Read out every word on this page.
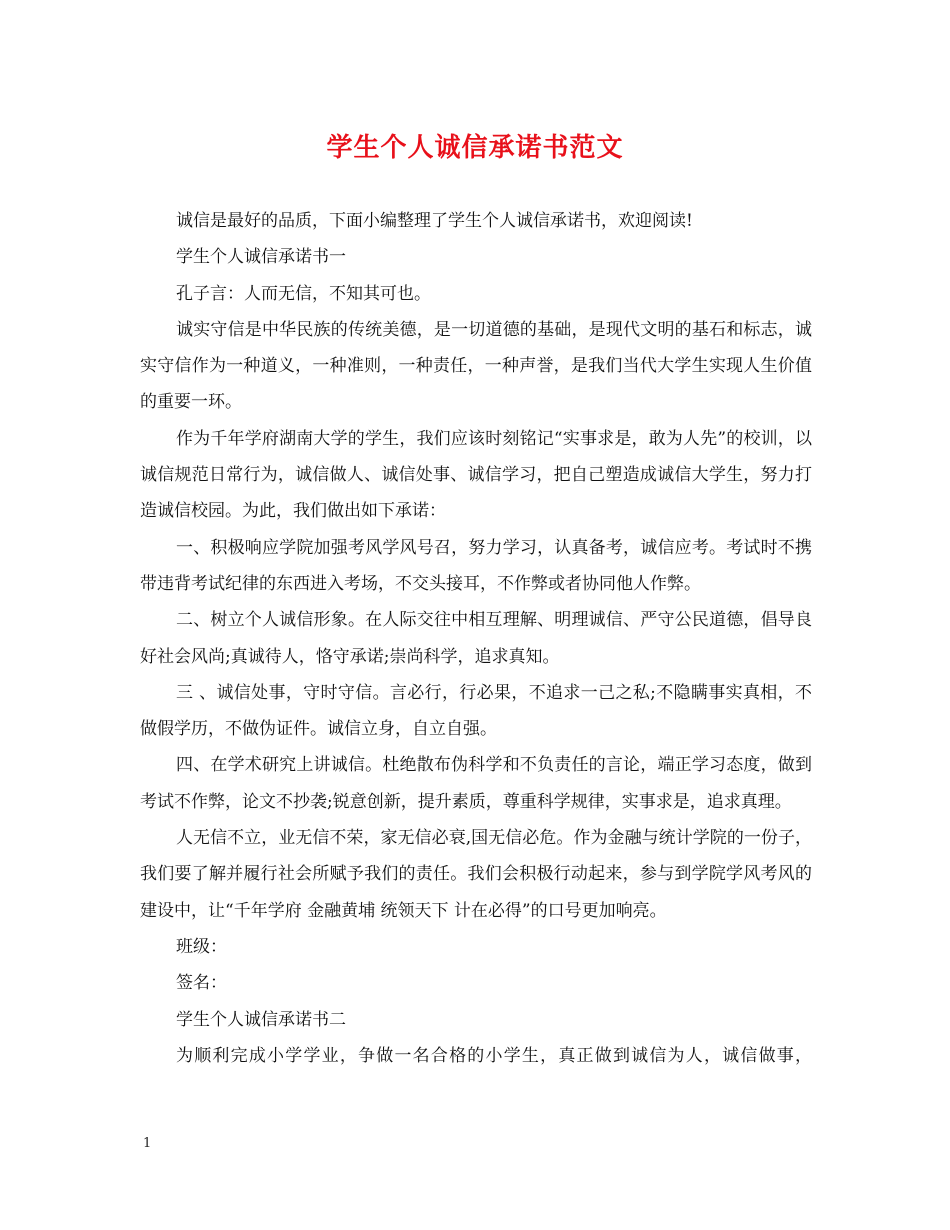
学生个人诚信承诺书范文

诚信是最好的品质，下面小编整理了学生个人诚信承诺书，欢迎阅读!

学生个人诚信承诺书一

孔子言：人而无信，不知其可也。

诚实守信是中华民族的传统美德，是一切道德的基础，是现代文明的基石和标志，诚实守信作为一种道义，一种准则，一种责任，一种声誉，是我们当代大学生实现人生价值的重要一环。

作为千年学府湖南大学的学生，我们应该时刻铭记“实事求是，敢为人先”的校训，以诚信规范日常行为，诚信做人、诚信处事、诚信学习，把自己塑造成诚信大学生，努力打造诚信校园。为此，我们做出如下承诺：

一、积极响应学院加强考风学风号召，努力学习，认真备考，诚信应考。考试时不携带违背考试纪律的东西进入考场，不交头接耳，不作弊或者协同他人作弊。

二、树立个人诚信形象。在人际交往中相互理解、明理诚信、严守公民道德，倡导良好社会风尚;真诚待人，恪守承诺;崇尚科学，追求真知。

三 、诚信处事，守时守信。言必行，行必果，不追求一己之私;不隐瞒事实真相，不做假学历，不做伪证件。诚信立身，自立自强。

四、在学术研究上讲诚信。杜绝散布伪科学和不负责任的言论，端正学习态度，做到考试不作弊，论文不抄袭;锐意创新，提升素质，尊重科学规律，实事求是，追求真理。

人无信不立，业无信不荣，家无信必衰,国无信必危。作为金融与统计学院的一份子，我们要了解并履行社会所赋予我们的责任。我们会积极行动起来，参与到学院学风考风的建设中，让“千年学府 金融黄埔 统领天下 计在必得”的口号更加响亮。

班级：

签名：

学生个人诚信承诺书二

为顺利完成小学学业，争做一名合格的小学生，真正做到诚信为人，诚信做事，

1
